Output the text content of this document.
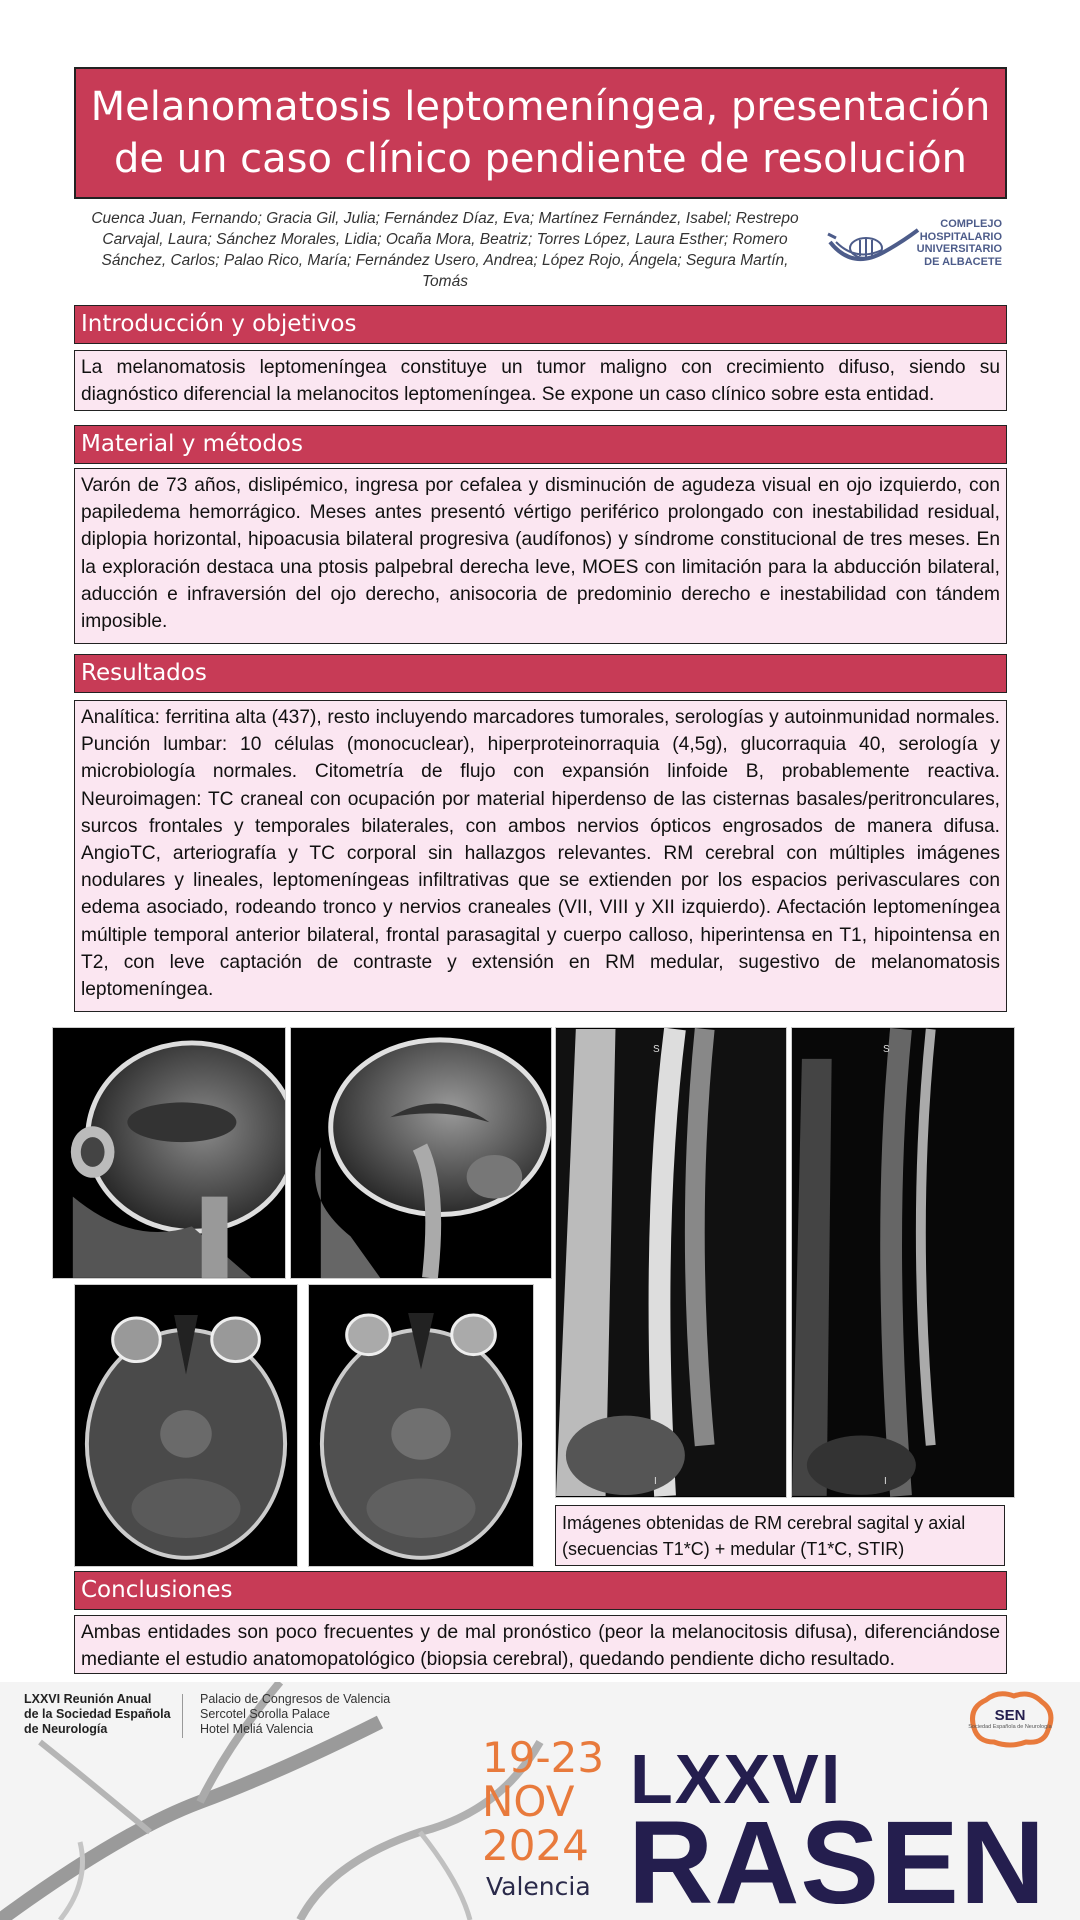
Melanomatosis leptomeníngea, presentación de un caso clínico pendiente de resolución
Cuenca Juan, Fernando; Gracia Gil, Julia; Fernández Díaz, Eva; Martínez Fernández, Isabel; Restrepo Carvajal, Laura; Sánchez Morales, Lidia; Ocaña Mora, Beatriz; Torres López, Laura Esther; Romero Sánchez, Carlos; Palao Rico, María; Fernández Usero, Andrea; López Rojo, Ángela; Segura Martín, Tomás
COMPLEJO
HOSPITALARIO
UNIVERSITARIO
DE ALBACETE
Introducción y objetivos
La melanomatosis leptomeníngea constituye un tumor maligno con crecimiento difuso, siendo su diagnóstico diferencial la melanocitos leptomeníngea. Se expone un caso clínico sobre esta entidad.
Material y métodos
Varón de 73 años, dislipémico, ingresa por cefalea y disminución de agudeza visual en ojo izquierdo, con papiledema hemorrágico. Meses antes presentó vértigo periférico prolongado con inestabilidad residual, diplopia horizontal, hipoacusia bilateral progresiva (audífonos) y síndrome constitucional de tres meses. En la exploración destaca una ptosis palpebral derecha leve, MOES con limitación para la abducción bilateral, aducción e infraversión del ojo derecho, anisocoria de predominio derecho e inestabilidad con tándem imposible.
Resultados
Analítica: ferritina alta (437), resto incluyendo marcadores tumorales, serologías y autoinmunidad normales. Punción lumbar: 10 células (monocuclear), hiperproteinorraquia (4,5g), glucorraquia 40, serología y microbiología normales. Citometría de flujo con expansión linfoide B, probablemente reactiva. Neuroimagen: TC craneal con ocupación por material hiperdenso de las cisternas basales/peritronculares, surcos frontales y temporales bilaterales, con ambos nervios ópticos engrosados de manera difusa. AngioTC, arteriografía y TC corporal sin hallazgos relevantes. RM cerebral con múltiples imágenes nodulares y lineales, leptomeníngeas infiltrativas que se extienden por los espacios perivasculares con edema asociado, rodeando tronco y nervios craneales (VII, VIII y XII izquierdo). Afectación leptomeníngea múltiple temporal anterior bilateral, frontal parasagital y cuerpo calloso, hiperintensa en T1, hipointensa en T2, con leve captación de contraste y extensión en RM medular, sugestivo de melanomatosis leptomeníngea.
S
I
S
I
Imágenes obtenidas de RM cerebral sagital y axial (secuencias T1*C) + medular (T1*C, STIR)
Conclusiones
Ambas entidades son poco frecuentes y de mal pronóstico (peor la melanocitosis difusa), diferenciándose mediante el estudio anatomopatológico (biopsia cerebral), quedando pendiente dicho resultado.
LXXVI Reunión Anual
de la Sociedad Española
de Neurología
Palacio de Congresos de Valencia
Sercotel Sorolla Palace
Hotel Meliá Valencia
19-23
NOV
2024
Valencia
LXXVI
RASEN
SEN
Sociedad Española de Neurología
